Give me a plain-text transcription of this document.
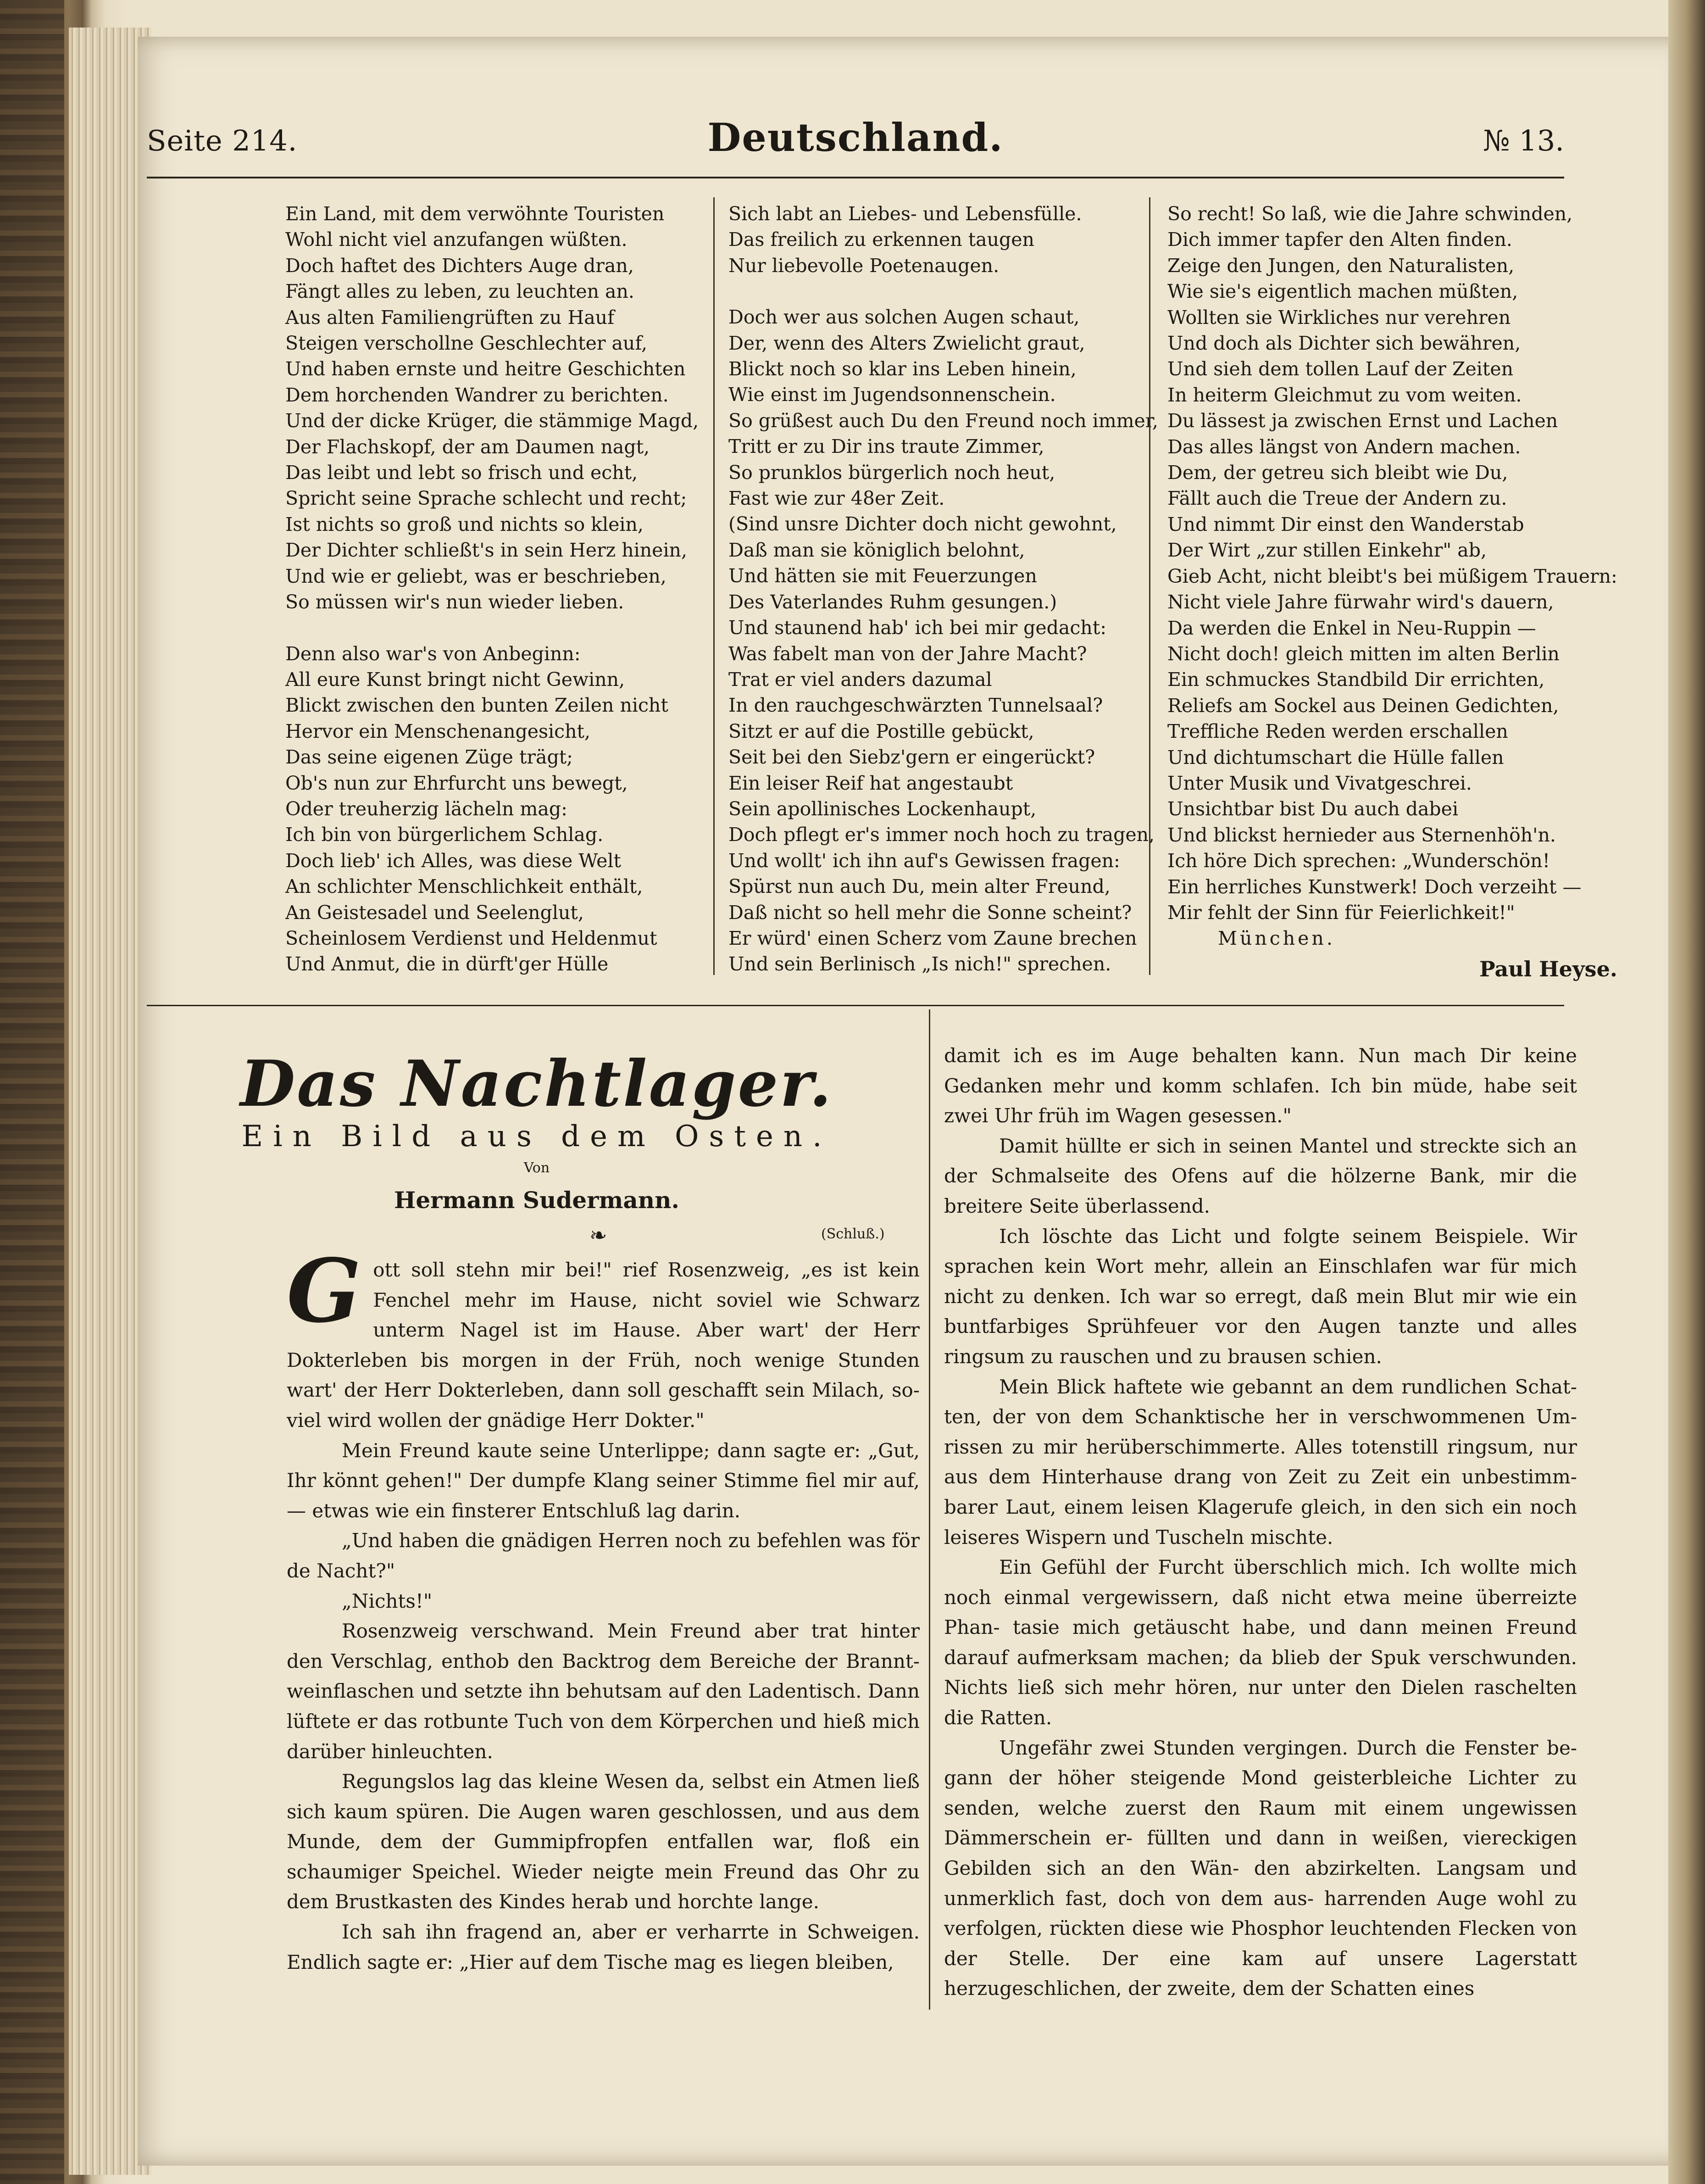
Seite 214.	Deutschland.	№ 13.
Ein Land, mit dem verwöhnte Touristen
Wohl nicht viel anzufangen wüßten.
Doch haftet des Dichters Auge dran,
Fängt alles zu leben, zu leuchten an.
Aus alten Familiengrüften zu Hauf
Steigen verschollne Geschlechter auf,
Und haben ernste und heitre Geschichten
Dem horchenden Wandrer zu berichten.
Und der dicke Krüger, die stämmige Magd,
Der Flachskopf, der am Daumen nagt,
Das leibt und lebt so frisch und echt,
Spricht seine Sprache schlecht und recht;
Ist nichts so groß und nichts so klein,
Der Dichter schließt's in sein Herz hinein,
Und wie er geliebt, was er beschrieben,
So müssen wir's nun wieder lieben.
Denn also war's von Anbeginn:
All eure Kunst bringt nicht Gewinn,
Blickt zwischen den bunten Zeilen nicht
Hervor ein Menschenangesicht,
Das seine eigenen Züge trägt;
Ob's nun zur Ehrfurcht uns bewegt,
Oder treuherzig lächeln mag:
Ich bin von bürgerlichem Schlag.
Doch lieb' ich Alles, was diese Welt
An schlichter Menschlichkeit enthält,
An Geistesadel und Seelenglut,
Scheinlosem Verdienst und Heldenmut
Und Anmut, die in dürft'ger Hülle
Sich labt an Liebes- und Lebensfülle.
Das freilich zu erkennen taugen
Nur liebevolle Poetenaugen.
Doch wer aus solchen Augen schaut,
Der, wenn des Alters Zwielicht graut,
Blickt noch so klar ins Leben hinein,
Wie einst im Jugendsonnenschein.
So grüßest auch Du den Freund noch immer,
Tritt er zu Dir ins traute Zimmer,
So prunklos bürgerlich noch heut,
Fast wie zur 48er Zeit.
(Sind unsre Dichter doch nicht gewohnt,
Daß man sie königlich belohnt,
Und hätten sie mit Feuerzungen
Des Vaterlandes Ruhm gesungen.)
Und staunend hab' ich bei mir gedacht:
Was fabelt man von der Jahre Macht?
Trat er viel anders dazumal
In den rauchgeschwärzten Tunnelsaal?
Sitzt er auf die Postille gebückt,
Seit bei den Siebz'gern er eingerückt?
Ein leiser Reif hat angestaubt
Sein apollinisches Lockenhaupt,
Doch pflegt er's immer noch hoch zu tragen,
Und wollt' ich ihn auf's Gewissen fragen:
Spürst nun auch Du, mein alter Freund,
Daß nicht so hell mehr die Sonne scheint?
Er würd' einen Scherz vom Zaune brechen
Und sein Berlinisch „Is nich!" sprechen.
So recht! So laß, wie die Jahre schwinden,
Dich immer tapfer den Alten finden.
Zeige den Jungen, den Naturalisten,
Wie sie's eigentlich machen müßten,
Wollten sie Wirkliches nur verehren
Und doch als Dichter sich bewähren,
Und sieh dem tollen Lauf der Zeiten
In heiterm Gleichmut zu vom weiten.
Du lässest ja zwischen Ernst und Lachen
Das alles längst von Andern machen.
Dem, der getreu sich bleibt wie Du,
Fällt auch die Treue der Andern zu.
Und nimmt Dir einst den Wanderstab
Der Wirt „zur stillen Einkehr" ab,
Gieb Acht, nicht bleibt's bei müßigem Trauern:
Nicht viele Jahre fürwahr wird's dauern,
Da werden die Enkel in Neu-Ruppin —
Nicht doch! gleich mitten im alten Berlin
Ein schmuckes Standbild Dir errichten,
Reliefs am Sockel aus Deinen Gedichten,
Treffliche Reden werden erschallen
Und dichtumschart die Hülle fallen
Unter Musik und Vivatgeschrei.
Unsichtbar bist Du auch dabei
Und blickst hernieder aus Sternenhöh'n.
Ich höre Dich sprechen: „Wunderschön!
Ein herrliches Kunstwerk! Doch verzeiht —
Mir fehlt der Sinn für Feierlichkeit!"
München.
Paul Heyse.
Das Nachtlager.
Ein Bild aus dem Osten.
Von
Hermann Sudermann.
❧	(Schluß.)

Gott soll stehn mir bei!" rief Rosenzweig, „es ist kein Fenchel mehr im Hause, nicht soviel wie Schwarz unterm Nagel ist im Hause. Aber wart' der Herr Dokterleben bis morgen in der Früh, noch wenige Stunden wart' der Herr Dokterleben, dann soll geschafft sein Milach, so- viel wird wollen der gnädige Herr Dokter."

Mein Freund kaute seine Unterlippe; dann sagte er: „Gut, Ihr könnt gehen!" Der dumpfe Klang seiner Stimme fiel mir auf, — etwas wie ein finsterer Entschluß lag darin.

„Und haben die gnädigen Herren noch zu befehlen was för de Nacht?"

„Nichts!"

Rosenzweig verschwand. Mein Freund aber trat hinter den Verschlag, enthob den Backtrog dem Bereiche der Brannt- weinflaschen und setzte ihn behutsam auf den Ladentisch. Dann lüftete er das rotbunte Tuch von dem Körperchen und hieß mich darüber hinleuchten.

Regungslos lag das kleine Wesen da, selbst ein Atmen ließ sich kaum spüren. Die Augen waren geschlossen, und aus dem Munde, dem der Gummipfropfen entfallen war, floß ein schaumiger Speichel. Wieder neigte mein Freund das Ohr zu dem Brustkasten des Kindes herab und horchte lange.

Ich sah ihn fragend an, aber er verharrte in Schweigen. Endlich sagte er: „Hier auf dem Tische mag es liegen bleiben,

damit ich es im Auge behalten kann. Nun mach Dir keine Gedanken mehr und komm schlafen. Ich bin müde, habe seit zwei Uhr früh im Wagen gesessen."

Damit hüllte er sich in seinen Mantel und streckte sich an der Schmalseite des Ofens auf die hölzerne Bank, mir die breitere Seite überlassend.

Ich löschte das Licht und folgte seinem Beispiele. Wir sprachen kein Wort mehr, allein an Einschlafen war für mich nicht zu denken. Ich war so erregt, daß mein Blut mir wie ein buntfarbiges Sprühfeuer vor den Augen tanzte und alles ringsum zu rauschen und zu brausen schien.

Mein Blick haftete wie gebannt an dem rundlichen Schat- ten, der von dem Schanktische her in verschwommenen Um- rissen zu mir herüberschimmerte. Alles totenstill ringsum, nur aus dem Hinterhause drang von Zeit zu Zeit ein unbestimm- barer Laut, einem leisen Klagerufe gleich, in den sich ein noch leiseres Wispern und Tuscheln mischte.

Ein Gefühl der Furcht überschlich mich. Ich wollte mich noch einmal vergewissern, daß nicht etwa meine überreizte Phan- tasie mich getäuscht habe, und dann meinen Freund darauf aufmerksam machen; da blieb der Spuk verschwunden. Nichts ließ sich mehr hören, nur unter den Dielen raschelten die Ratten.

Ungefähr zwei Stunden vergingen. Durch die Fenster be- gann der höher steigende Mond geisterbleiche Lichter zu senden, welche zuerst den Raum mit einem ungewissen Dämmerschein er- füllten und dann in weißen, viereckigen Gebilden sich an den Wän- den abzirkelten. Langsam und unmerklich fast, doch von dem aus- harrenden Auge wohl zu verfolgen, rückten diese wie Phosphor leuchtenden Flecken von der Stelle. Der eine kam auf unsere Lagerstatt herzugeschlichen, der zweite, dem der Schatten eines
